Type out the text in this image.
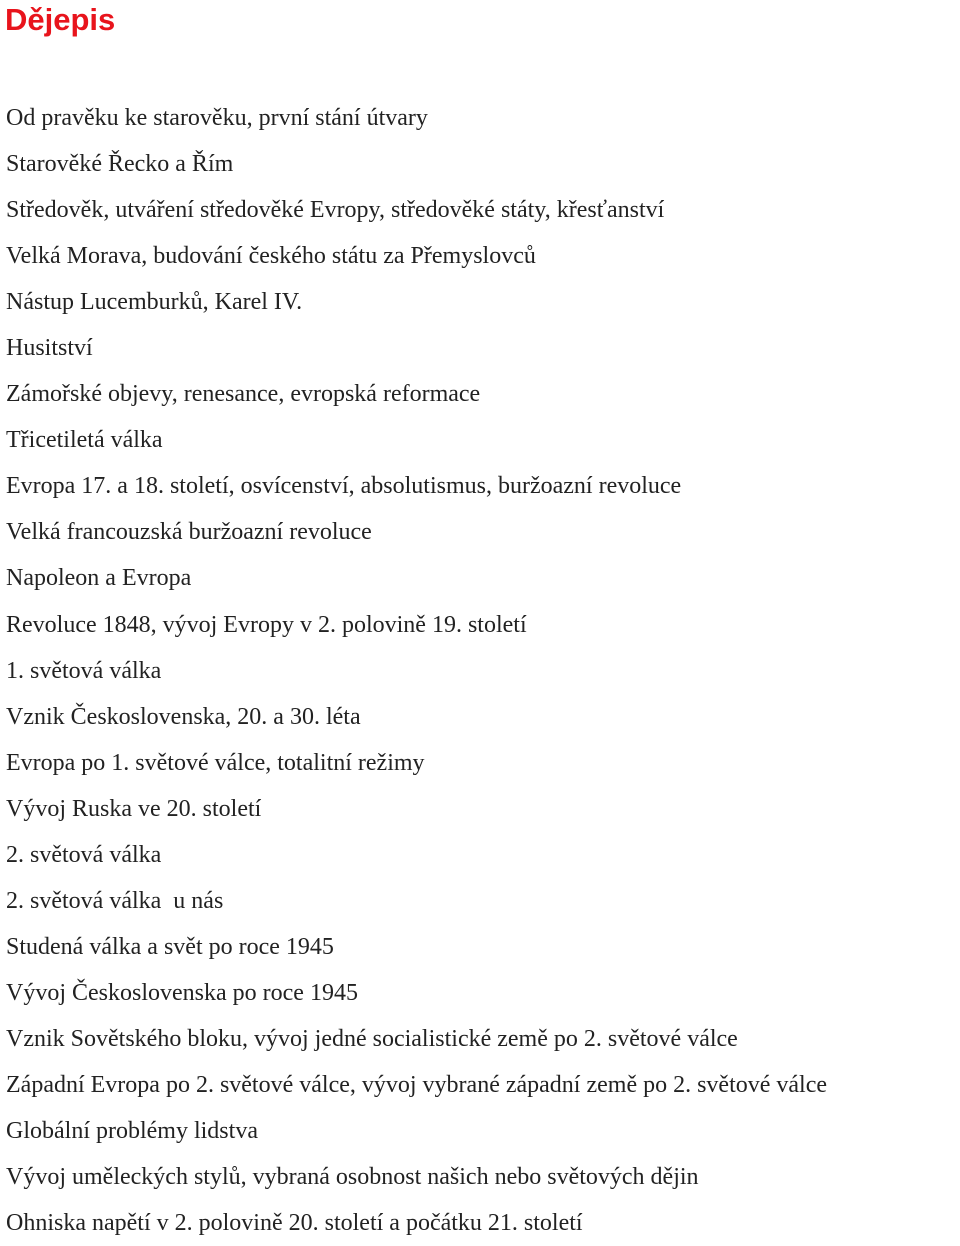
Dějepis
Od pravěku ke starověku, první stání útvary
Starověké Řecko a Řím
Středověk, utváření středověké Evropy, středověké státy, křesťanství
Velká Morava, budování českého státu za Přemyslovců
Nástup Lucemburků, Karel IV.
Husitství
Zámořské objevy, renesance, evropská reformace
Třicetiletá válka
Evropa 17. a 18. století, osvícenství, absolutismus, buržoazní revoluce
Velká francouzská buržoazní revoluce
Napoleon a Evropa
Revoluce 1848, vývoj Evropy v 2. polovině 19. století
1. světová válka
Vznik Československa, 20. a 30. léta
Evropa po 1. světové válce, totalitní režimy
Vývoj Ruska ve 20. století
2. světová válka
2. světová válka  u nás
Studená válka a svět po roce 1945
Vývoj Československa po roce 1945
Vznik Sovětského bloku, vývoj jedné socialistické země po 2. světové válce
Západní Evropa po 2. světové válce, vývoj vybrané západní země po 2. světové válce
Globální problémy lidstva
Vývoj uměleckých stylů, vybraná osobnost našich nebo světových dějin
Ohniska napětí v 2. polovině 20. století a počátku 21. století
